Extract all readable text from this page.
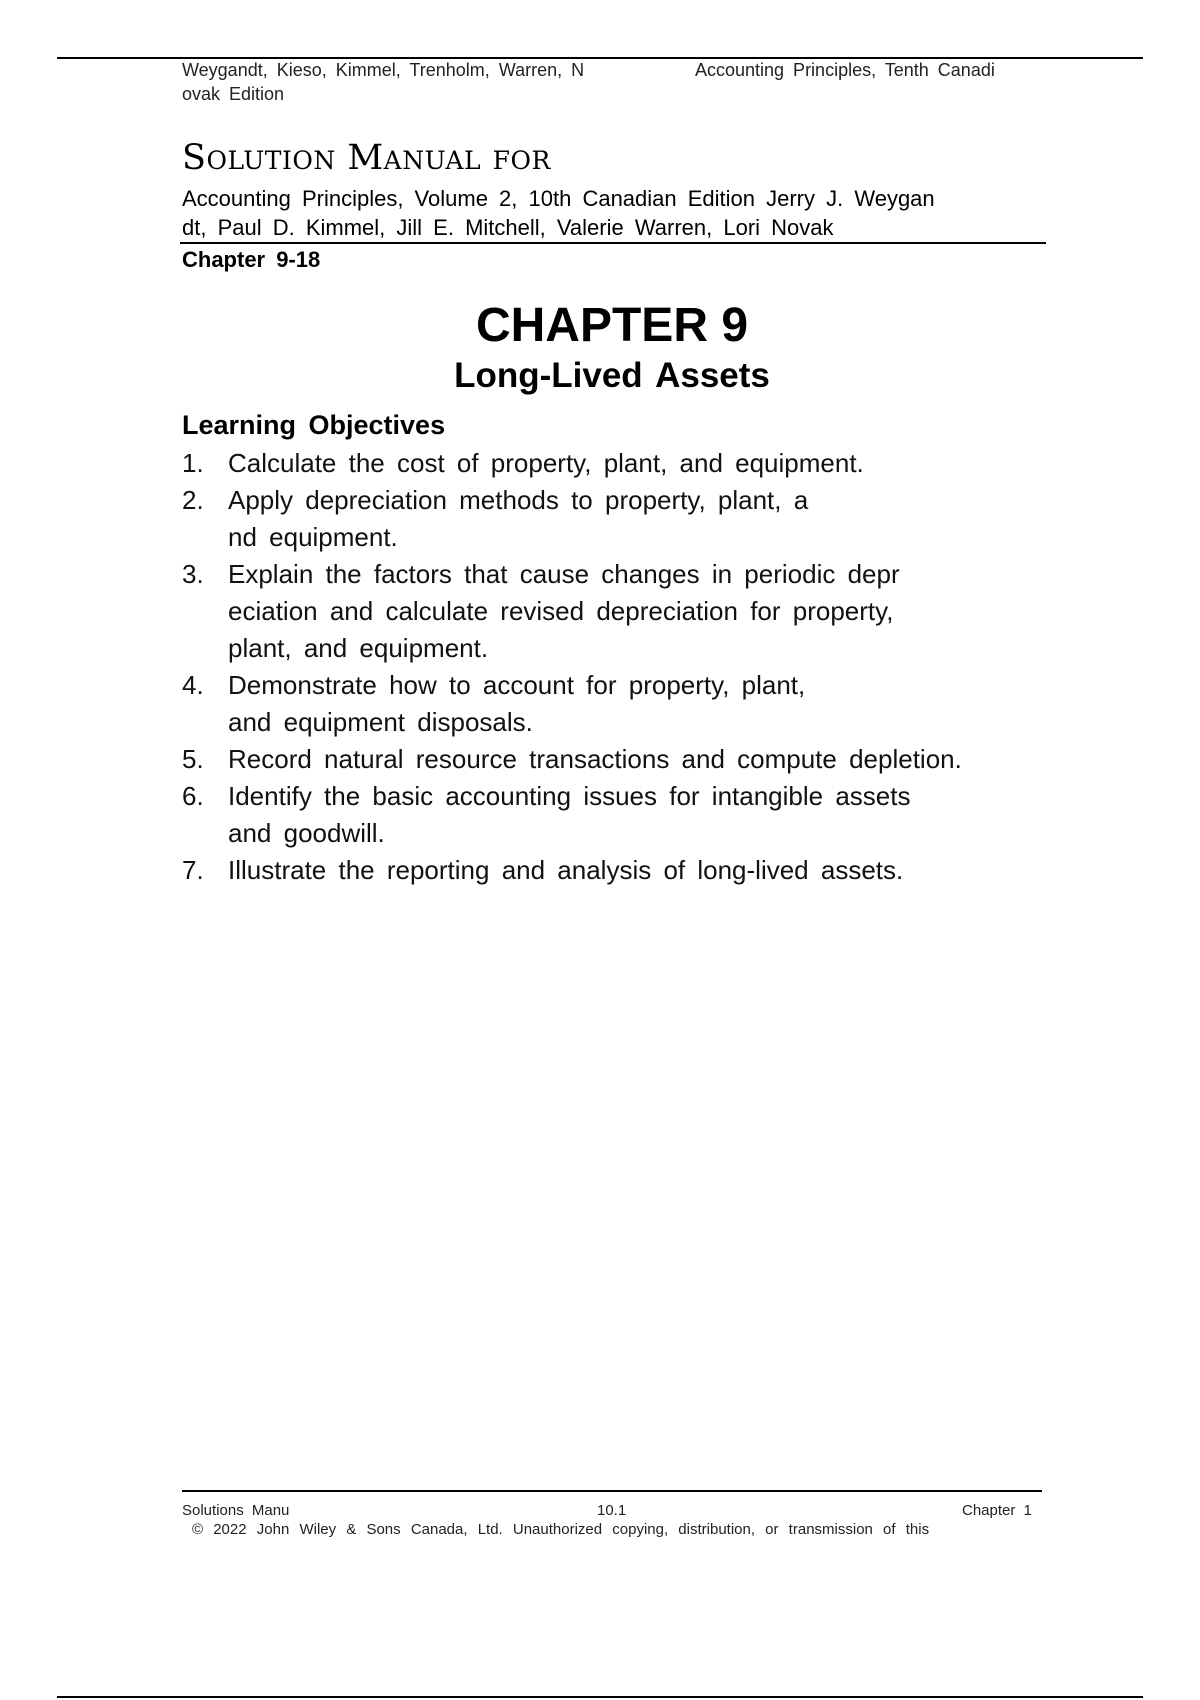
Weygandt, Kieso, Kimmel, Trenholm, Warren, N
ovak Edition
Accounting Principles, Tenth Canadi
Solution Manual for
Accounting Principles, Volume 2, 10th Canadian Edition Jerry J. Weygan
dt, Paul D. Kimmel, Jill E. Mitchell, Valerie Warren, Lori Novak
Chapter 9-18
CHAPTER 9
Long-Lived Assets
Learning Objectives
1. Calculate the cost of property, plant, and equipment.
2. Apply depreciation methods to property, plant, a
nd equipment.
3. Explain the factors that cause changes in periodic depr
eciation and calculate revised depreciation for property,
plant, and equipment.
4. Demonstrate how to account for property, plant,
and equipment disposals.
5. Record natural resource transactions and compute depletion.
6. Identify the basic accounting issues for intangible assets
and goodwill.
7. Illustrate the reporting and analysis of long-lived assets.
Solutions Manu	10.1	Chapter 1
© 2022 John Wiley & Sons Canada, Ltd. Unauthorized copying, distribution, or transmission of this
